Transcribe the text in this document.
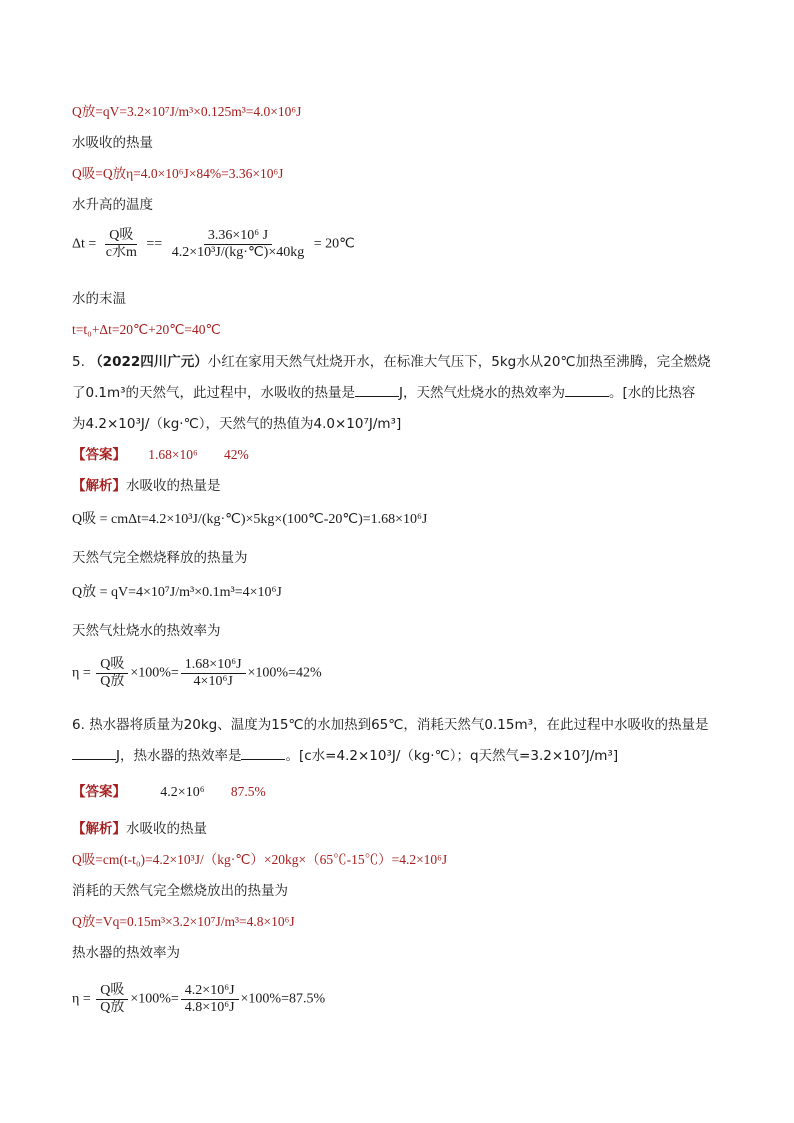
Q放=qV=3.2×10⁷J/m³×0.125m³=4.0×10⁶J
水吸收的热量
Q吸=Q放η=4.0×10⁶J×84%=3.36×10⁶J
水升高的温度
$\Delta t = \frac{\text{Q吸}}{\text{c水m}} == \frac{\text{3.36×10⁶ J}}{\text{4.2×10³J/(kg·℃)×40kg}}$ = 20℃
水的末温
t=t₀+Δt=20℃+20℃=40℃
5. （2022四川广元）小红在家用天然气灶烧开水，在标准大气压下，5kg水从20℃加热至沸腾，完全燃烧
了0.1m³的天然气，此过程中，水吸收的热量是	J，天然气灶烧水的热效率为	。[水的比热容
为4.2×10³J/（kg·℃），天然气的热值为4.0×10⁷J/m³]
【答案】 1.68×10⁶ 42%
【解析】水吸收的热量是
Q吸 = cmΔt=4.2×10³J/(kg·℃)×5kg×(100℃-20℃)=1.68×10⁶J
天然气完全燃烧释放的热量为
Q放 = qV=4×10⁷J/m³×0.1m³=4×10⁶J
天然气灶烧水的热效率为
$\eta = \frac{\text{Q吸}}{\text{Q放}} \times 100\%= \frac{\text{1.68×10⁶J}}{\text{4×10⁶J}} \times 100\%=42\%$
6. 热水器将质量为20kg、温度为15℃的水加热到65℃，消耗天然气0.15m³，在此过程中水吸收的热量是
J，热水器的热效率是	。[c水=4.2×10³J/（kg·℃）；q天然气=3.2×10⁷J/m³]
【答案】 4.2×10⁶ 87.5%
【解析】水吸收的热量
Q吸=cm(t-t₀)=4.2×10³J/（kg·℃）×20kg×（65℃-15℃）=4.2×10⁶J
消耗的天然气完全燃烧放出的热量为
Q放=Vq=0.15m³×3.2×10⁷J/m³=4.8×10⁶J
热水器的热效率为
$\eta = \frac{\text{Q吸}}{\text{Q放}} \times 100\%= \frac{\text{4.2×10⁶J}}{\text{4.8×10⁶J}} \times 100\%=87.5\%$
